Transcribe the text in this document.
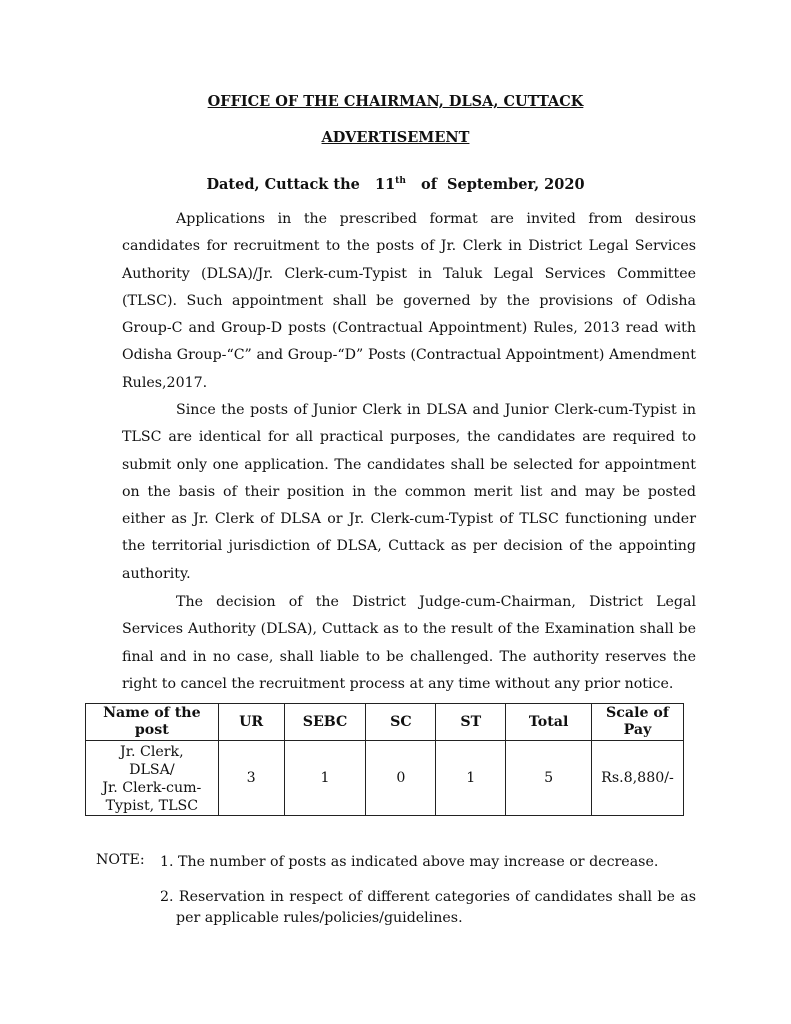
OFFICE OF THE CHAIRMAN, DLSA, CUTTACK
ADVERTISEMENT
Dated, Cuttack the   11th   of  September, 2020

Applications in the prescribed format are invited from desirous candidates for recruitment to the posts of Jr. Clerk in District Legal Services Authority (DLSA)/Jr. Clerk-cum-Typist in Taluk Legal Services Committee (TLSC). Such appointment shall be governed by the provisions of Odisha Group-C and Group-D posts (Contractual Appointment) Rules, 2013 read with Odisha Group-“C” and Group-“D” Posts (Contractual Appointment) Amendment Rules,2017.

Since the posts of Junior Clerk in DLSA and Junior Clerk-cum-Typist in TLSC are identical for all practical purposes, the candidates are required to submit only one application. The candidates shall be selected for appointment on the basis of their position in the common merit list and may be posted either as Jr. Clerk of DLSA or Jr. Clerk-cum-Typist of TLSC functioning under the territorial jurisdiction of DLSA, Cuttack as per decision of the appointing authority.

The decision of the District Judge-cum-Chairman, District Legal Services Authority (DLSA), Cuttack as to the result of the Examination shall be final and in no case, shall liable to be challenged. The authority reserves the right to cancel the recruitment process at any time without any prior notice.

Name of the post	UR	SEBC	SC	ST	Total	Scale of Pay

Jr. Clerk,
DLSA/
Jr. Clerk-cum-
Typist, TLSC	3	1	0	1	5	Rs.8,880/-
NOTE: 1. The number of posts as indicated above may increase or decrease.

2. Reservation in respect of different categories of candidates shall be as per applicable rules/policies/guidelines.
